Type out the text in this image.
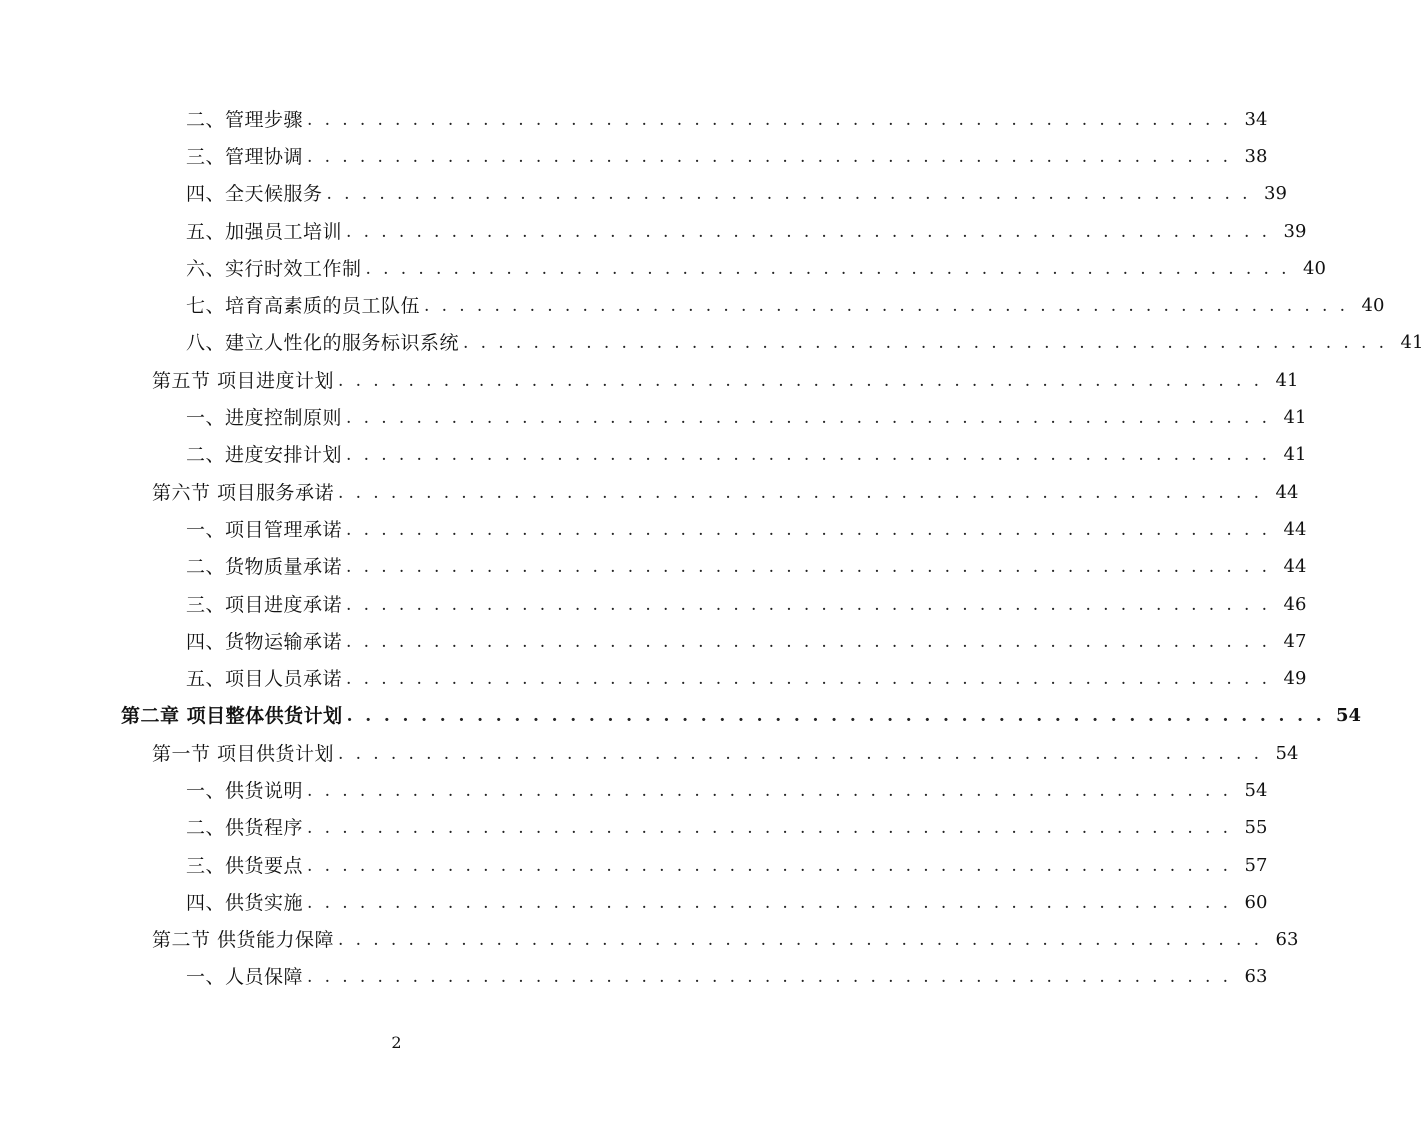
二、管理步骤 . . . . . . . . . . . . . . . . . . . . . . . . . . . . . . . . . . . . . . . . . . . . . . . . . . . . . 34
三、管理协调 . . . . . . . . . . . . . . . . . . . . . . . . . . . . . . . . . . . . . . . . . . . . . . . . . . . . . 38
四、全天候服务 . . . . . . . . . . . . . . . . . . . . . . . . . . . . . . . . . . . . . . . . . . . . . . . . . . . . . 39
五、加强员工培训 . . . . . . . . . . . . . . . . . . . . . . . . . . . . . . . . . . . . . . . . . . . . . . . . . . . . . 39
六、实行时效工作制 . . . . . . . . . . . . . . . . . . . . . . . . . . . . . . . . . . . . . . . . . . . . . . . . . . . . . 40
七、培育高素质的员工队伍 . . . . . . . . . . . . . . . . . . . . . . . . . . . . . . . . . . . . . . . . . . . . . . . . . . . . . 40
八、建立人性化的服务标识系统 . . . . . . . . . . . . . . . . . . . . . . . . . . . . . . . . . . . . . . . . . . . . . . . . . . . . . 41
第五节 项目进度计划 . . . . . . . . . . . . . . . . . . . . . . . . . . . . . . . . . . . . . . . . . . . . . . . . . . . . . 41
一、进度控制原则 . . . . . . . . . . . . . . . . . . . . . . . . . . . . . . . . . . . . . . . . . . . . . . . . . . . . . 41
二、进度安排计划 . . . . . . . . . . . . . . . . . . . . . . . . . . . . . . . . . . . . . . . . . . . . . . . . . . . . . 41
第六节 项目服务承诺 . . . . . . . . . . . . . . . . . . . . . . . . . . . . . . . . . . . . . . . . . . . . . . . . . . . . . 44
一、项目管理承诺 . . . . . . . . . . . . . . . . . . . . . . . . . . . . . . . . . . . . . . . . . . . . . . . . . . . . . 44
二、货物质量承诺 . . . . . . . . . . . . . . . . . . . . . . . . . . . . . . . . . . . . . . . . . . . . . . . . . . . . . 44
三、项目进度承诺 . . . . . . . . . . . . . . . . . . . . . . . . . . . . . . . . . . . . . . . . . . . . . . . . . . . . . 46
四、货物运输承诺 . . . . . . . . . . . . . . . . . . . . . . . . . . . . . . . . . . . . . . . . . . . . . . . . . . . . . 47
五、项目人员承诺 . . . . . . . . . . . . . . . . . . . . . . . . . . . . . . . . . . . . . . . . . . . . . . . . . . . . . 49
第二章 项目整体供货计划 . . . . . . . . . . . . . . . . . . . . . . . . . . . . . . . . . . . . . . . . . . . . . . . . . . . . . 54
第一节 项目供货计划 . . . . . . . . . . . . . . . . . . . . . . . . . . . . . . . . . . . . . . . . . . . . . . . . . . . . . 54
一、供货说明 . . . . . . . . . . . . . . . . . . . . . . . . . . . . . . . . . . . . . . . . . . . . . . . . . . . . . 54
二、供货程序 . . . . . . . . . . . . . . . . . . . . . . . . . . . . . . . . . . . . . . . . . . . . . . . . . . . . . 55
三、供货要点 . . . . . . . . . . . . . . . . . . . . . . . . . . . . . . . . . . . . . . . . . . . . . . . . . . . . . 57
四、供货实施 . . . . . . . . . . . . . . . . . . . . . . . . . . . . . . . . . . . . . . . . . . . . . . . . . . . . . 60
第二节 供货能力保障 . . . . . . . . . . . . . . . . . . . . . . . . . . . . . . . . . . . . . . . . . . . . . . . . . . . . . 63
一、人员保障 . . . . . . . . . . . . . . . . . . . . . . . . . . . . . . . . . . . . . . . . . . . . . . . . . . . . . 63
2
